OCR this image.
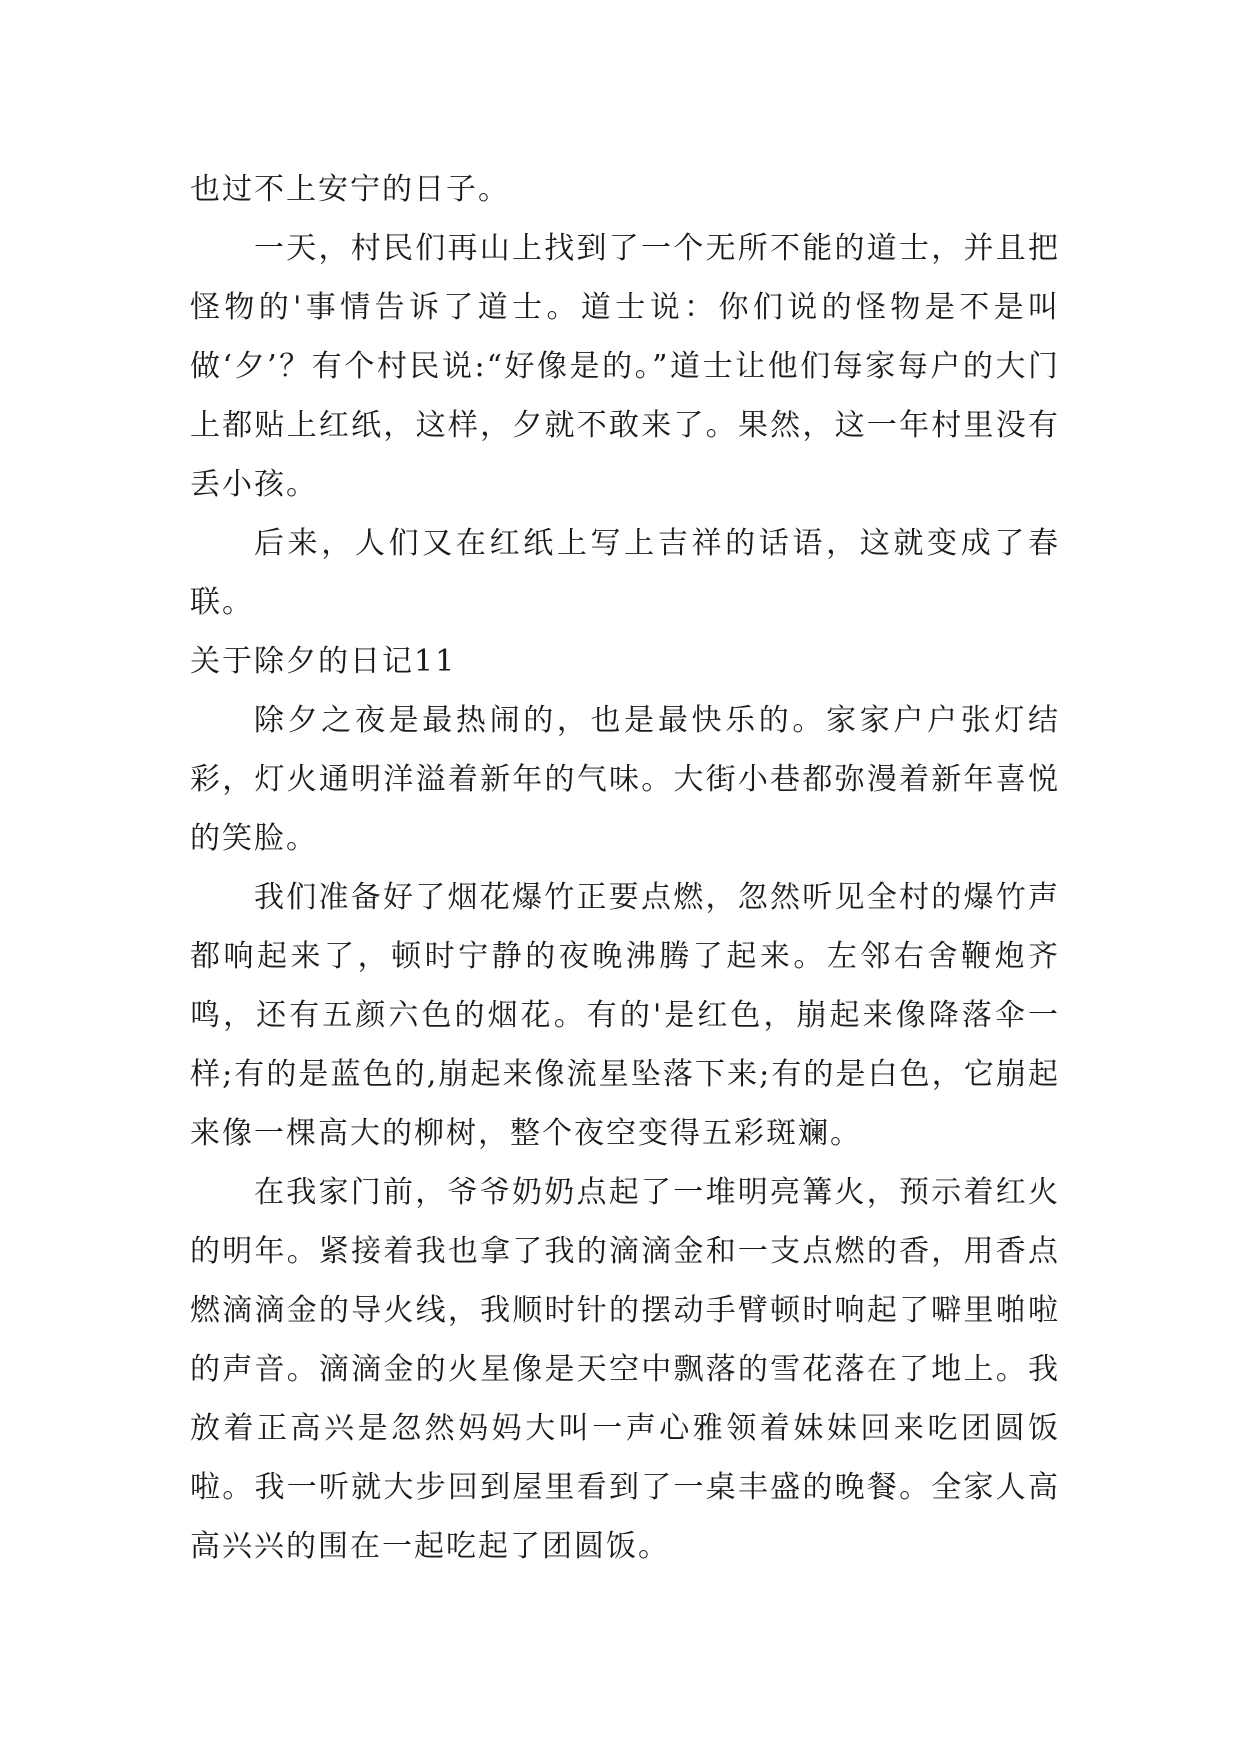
也过不上安宁的日子。

一天，村民们再山上找到了一个无所不能的道士，并且把怪物的'事情告诉了道士。道士说：你们说的怪物是不是叫做‘夕’？有个村民说:“好像是的。”道士让他们每家每户的大门上都贴上红纸，这样，夕就不敢来了。果然，这一年村里没有丢小孩。

后来，人们又在红纸上写上吉祥的话语，这就变成了春联。

关于除夕的日记11

除夕之夜是最热闹的，也是最快乐的。家家户户张灯结彩，灯火通明洋溢着新年的气味。大街小巷都弥漫着新年喜悦的笑脸。

我们准备好了烟花爆竹正要点燃，忽然听见全村的爆竹声都响起来了，顿时宁静的夜晚沸腾了起来。左邻右舍鞭炮齐鸣，还有五颜六色的烟花。有的'是红色，崩起来像降落伞一样;有的是蓝色的,崩起来像流星坠落下来;有的是白色，它崩起来像一棵高大的柳树，整个夜空变得五彩斑斓。

在我家门前，爷爷奶奶点起了一堆明亮篝火，预示着红火的明年。紧接着我也拿了我的滴滴金和一支点燃的香，用香点燃滴滴金的导火线，我顺时针的摆动手臂顿时响起了噼里啪啦的声音。滴滴金的火星像是天空中飘落的雪花落在了地上。我放着正高兴是忽然妈妈大叫一声心雅领着妹妹回来吃团圆饭啦。我一听就大步回到屋里看到了一桌丰盛的晚餐。全家人高高兴兴的围在一起吃起了团圆饭。
